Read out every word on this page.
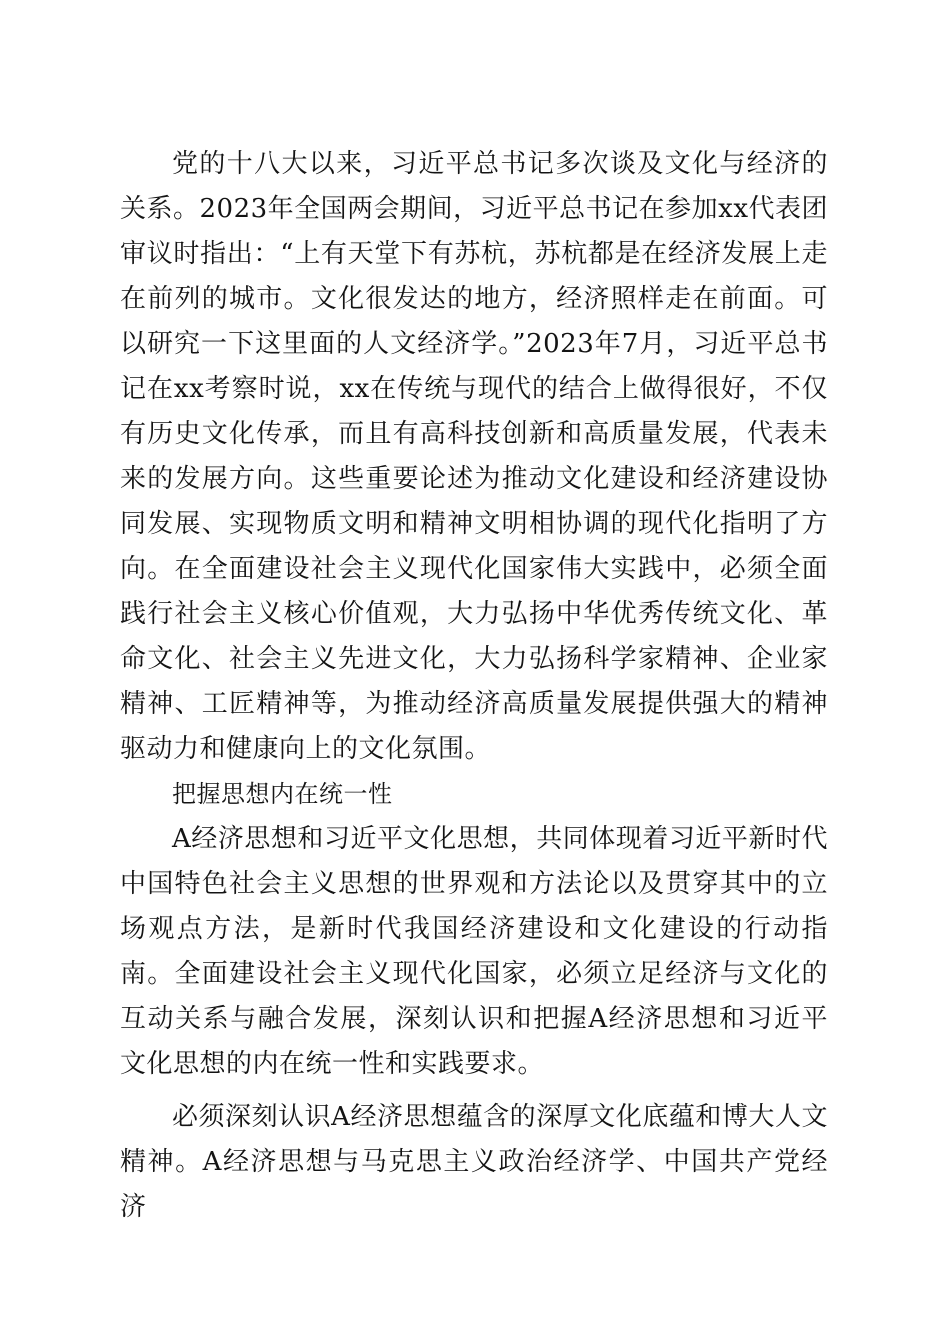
党的十八大以来，习近平总书记多次谈及文化与经济的关系。2023年全国两会期间，习近平总书记在参加xx代表团审议时指出：“上有天堂下有苏杭，苏杭都是在经济发展上走在前列的城市。文化很发达的地方，经济照样走在前面。可以研究一下这里面的人文经济学。”2023年7月，习近平总书记在xx考察时说，xx在传统与现代的结合上做得很好，不仅有历史文化传承，而且有高科技创新和高质量发展，代表未来的发展方向。这些重要论述为推动文化建设和经济建设协同发展、实现物质文明和精神文明相协调的现代化指明了方向。在全面建设社会主义现代化国家伟大实践中，必须全面践行社会主义核心价值观，大力弘扬中华优秀传统文化、革命文化、社会主义先进文化，大力弘扬科学家精神、企业家精神、工匠精神等，为推动经济高质量发展提供强大的精神驱动力和健康向上的文化氛围。

把握思想内在统一性

A经济思想和习近平文化思想，共同体现着习近平新时代中国特色社会主义思想的世界观和方法论以及贯穿其中的立场观点方法，是新时代我国经济建设和文化建设的行动指南。全面建设社会主义现代化国家，必须立足经济与文化的互动关系与融合发展，深刻认识和把握A经济思想和习近平文化思想的内在统一性和实践要求。

必须深刻认识A经济思想蕴含的深厚文化底蕴和博大人文精神。A经济思想与马克思主义政治经济学、中国共产党经济
